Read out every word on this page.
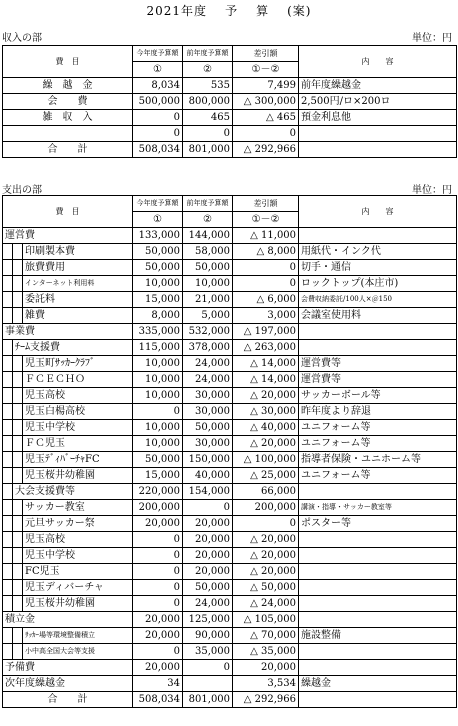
2021年度 予 算 (案)
収入の部	単位：円
費　目	今年度予算額	前年度予算額	差引額	内　　容
	①	②	①－②	
繰　越　金	8,034	535	7,499	前年度繰越金
会　　費	500,000	800,000	△ 300,000	2,500円/ロ×200ロ
雑　収　入	0	465	△ 465	預金利息他
	0	0	0	
合　　計	508,034	801,000	△ 292,966	
支出の部	単位：円
費　目			今年度予算額	前年度予算額	差引額	内　　容
			①	②	①－②	
運営費			133,000	144,000	△ 11,000	
		印刷製本費	50,000	58,000	△ 8,000	用紙代・インク代
		旅費費用	50,000	50,000	0	切手・通信
		インターネット利用料	10,000	10,000	0	ロックトップ(本庄市)
		委託料	15,000	21,000	△ 6,000	会費収納委託/100人×＠150
		雑費	8,000	5,000	3,000	会議室使用料
事業費			335,000	532,000	△ 197,000	
	ﾁｰﾑ支援費		115,000	378,000	△ 263,000	
		児玉町ｻｯｶｰｸﾗﾌﾞ	10,000	24,000	△ 14,000	運営費等
		ＦＣＥＣＨＯ	10,000	24,000	△ 14,000	運営費等
		児玉高校	10,000	30,000	△ 20,000	サッカーボール等
		児玉白楊高校	0	30,000	△ 30,000	昨年度より辞退
		児玉中学校	10,000	50,000	△ 40,000	ユニフォーム等
		ＦＣ児玉	10,000	30,000	△ 20,000	ユニフォーム等
		児玉ﾃﾞｨﾊﾞｰﾁｬFC	50,000	150,000	△ 100,000	指導者保険・ユニホーム等
		児玉桜井幼稚園	15,000	40,000	△ 25,000	ユニフォーム等
	大会支援費等		220,000	154,000	66,000	
		サッカー教室	200,000	0	200,000	講演・指導・サッカー教室等
		元旦サッカー祭	20,000	20,000	0	ポスター等
		児玉高校	0	20,000	△ 20,000	
		児玉中学校	0	20,000	△ 20,000	
		FC児玉	0	20,000	△ 20,000	
		児玉ディバーチャ	0	50,000	△ 50,000	
		児玉桜井幼稚園	0	24,000	△ 24,000	
積立金			20,000	125,000	△ 105,000	
		ｻｯｶｰ場等環境整備積立	20,000	90,000	△ 70,000	施設整備
		小中高全国大会等支援	0	35,000	△ 35,000	
予備費			20,000	0	20,000	
次年度繰越金			34		3,534	繰越金
合　　計			508,034	801,000	△ 292,966	
